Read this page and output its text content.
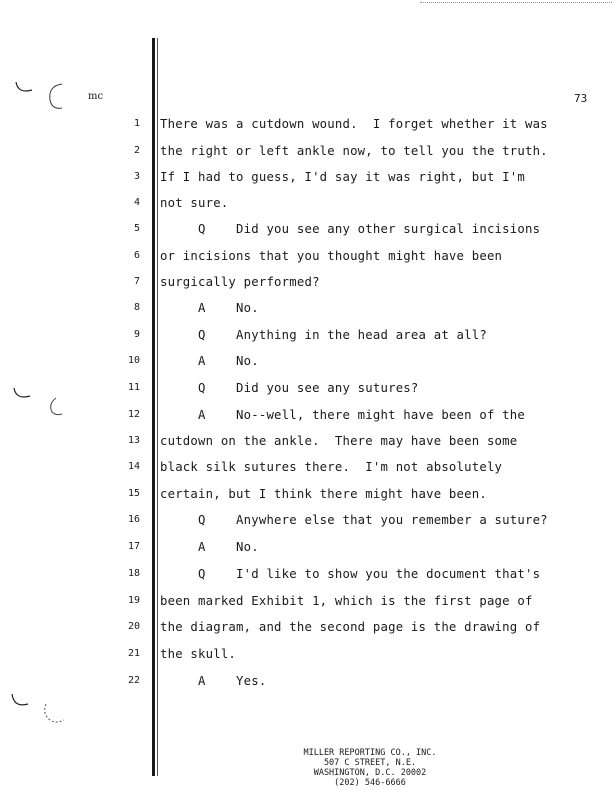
mc	73
1 There was a cutdown wound.  I forget whether it was
2 the right or left ankle now, to tell you the truth.
3 If I had to guess, I'd say it was right, but I'm
4 not sure.
5 Q    Did you see any other surgical incisions
6 or incisions that you thought might have been
7 surgically performed?
8 A    No.
9 Q    Anything in the head area at all?
10 A    No.
11 Q    Did you see any sutures?
12 A    No--well, there might have been of the
13 cutdown on the ankle.  There may have been some
14 black silk sutures there.  I'm not absolutely
15 certain, but I think there might have been.
16 Q    Anywhere else that you remember a suture?
17 A    No.
18 Q    I'd like to show you the document that's
19 been marked Exhibit 1, which is the first page of
20 the diagram, and the second page is the drawing of
21 the skull.
22 A    Yes.
MILLER REPORTING CO., INC.
507 C STREET, N.E.
WASHINGTON, D.C. 20002
(202) 546-6666
